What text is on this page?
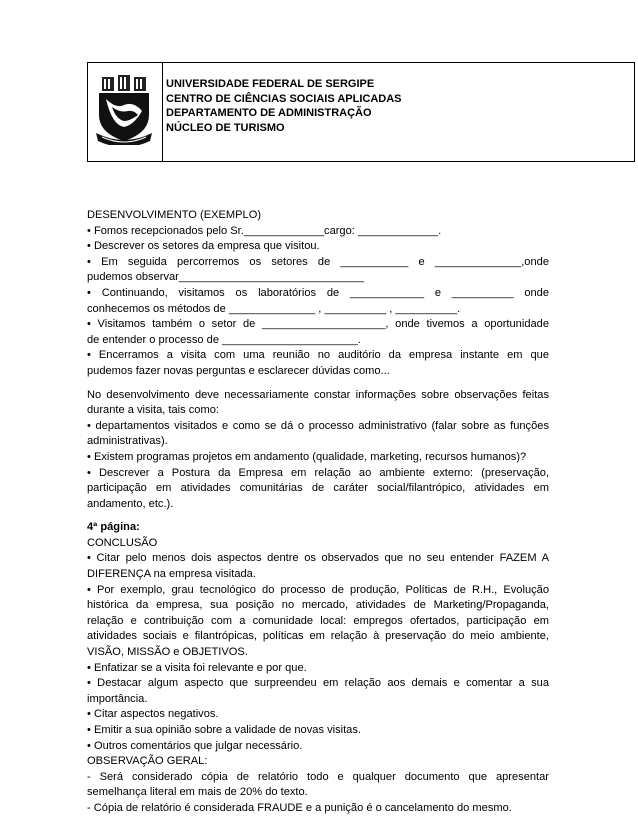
UNIVERSIDADE FEDERAL DE SERGIPE
CENTRO DE CIÊNCIAS SOCIAIS APLICADAS
DEPARTAMENTO DE ADMINISTRAÇÃO
NÚCLEO DE TURISMO

DESENVOLVIMENTO (EXEMPLO)

• Fomos recepcionados pelo Sr._____________cargo: _____________.

• Descrever os setores da empresa que visitou.

• Em seguida percorremos os setores de ___________ e ______________,onde

pudemos observar______________________________

• Continuando, visitamos os laboratórios de ____________ e __________ onde

conhecemos os métodos de ______________ , __________ , __________.

• Visitamos também o setor de ____________________, onde tivemos a oportunidade

de entender o processo de ______________________.

• Encerramos a visita com uma reunião no auditório da empresa instante em que

pudemos fazer novas perguntas e esclarecer dúvidas como...

No desenvolvimento deve necessariamente constar informações sobre observações feitas

durante a visita, tais como:

• departamentos visitados e como se dá o processo administrativo (falar sobre as funções

administrativas).

• Existem programas projetos em andamento (qualidade, marketing, recursos humanos)?

• Descrever a Postura da Empresa em relação ao ambiente externo: (preservação,

participação em atividades comunitárias de caráter social/filantrópico, atividades em

andamento, etc.).

4ª página:

CONCLUSÃO

• Citar pelo menos dois aspectos dentre os observados que no seu entender FAZEM A

DIFERENÇA na empresa visitada.

• Por exemplo, grau tecnológico do processo de produção, Políticas de R.H., Evolução

histórica da empresa, sua posição no mercado, atividades de Marketing/Propaganda,

relação e contribuição com a comunidade local: empregos ofertados, participação em

atividades sociais e filantrópicas, políticas em relação à preservação do meio ambiente,

VISÃO, MISSÃO e OBJETIVOS.

• Enfatizar se a visita foi relevante e por que.

• Destacar algum aspecto que surpreendeu em relação aos demais e comentar a sua

importância.

• Citar aspectos negativos.

• Emitir a sua opinião sobre a validade de novas visitas.

• Outros comentários que julgar necessário.

OBSERVAÇÃO GERAL:

- Será considerado cópia de relatório todo e qualquer documento que apresentar

semelhança literal em mais de 20% do texto.

- Cópia de relatório é considerada FRAUDE e a punição é o cancelamento do mesmo.
